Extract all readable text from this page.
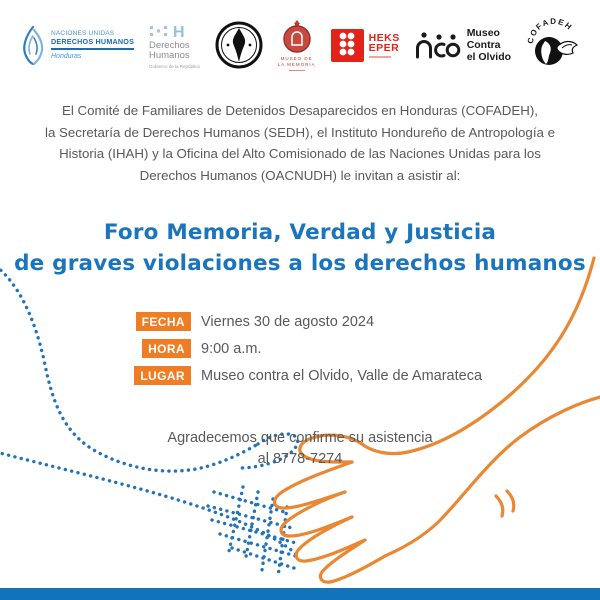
NACIONES UNIDAS
DERECHOS HUMANOS
Honduras
H
Derechos
Humanos
Gobierno de la República
MUSEO DE
LA MEMORIA
HEKS
EPER
Museo
Contra
el Olvido
COFADEH
El Comité de Familiares de Detenidos Desaparecidos en Honduras (COFADEH),
la Secretaría de Derechos Humanos (SEDH), el Instituto Hondureño de Antropología e
Historia (IHAH) y la Oficina del Alto Comisionado de las Naciones Unidas para los
Derechos Humanos (OACNUDH) le invitan a asistir al:
Foro Memoria, Verdad y Justicia
de graves violaciones a los derechos humanos
FECHA	Viernes 30 de agosto 2024
HORA	9:00 a.m.
LUGAR	Museo contra el Olvido, Valle de Amarateca
Agradecemos que confirme su asistencia
al 8778-7274
